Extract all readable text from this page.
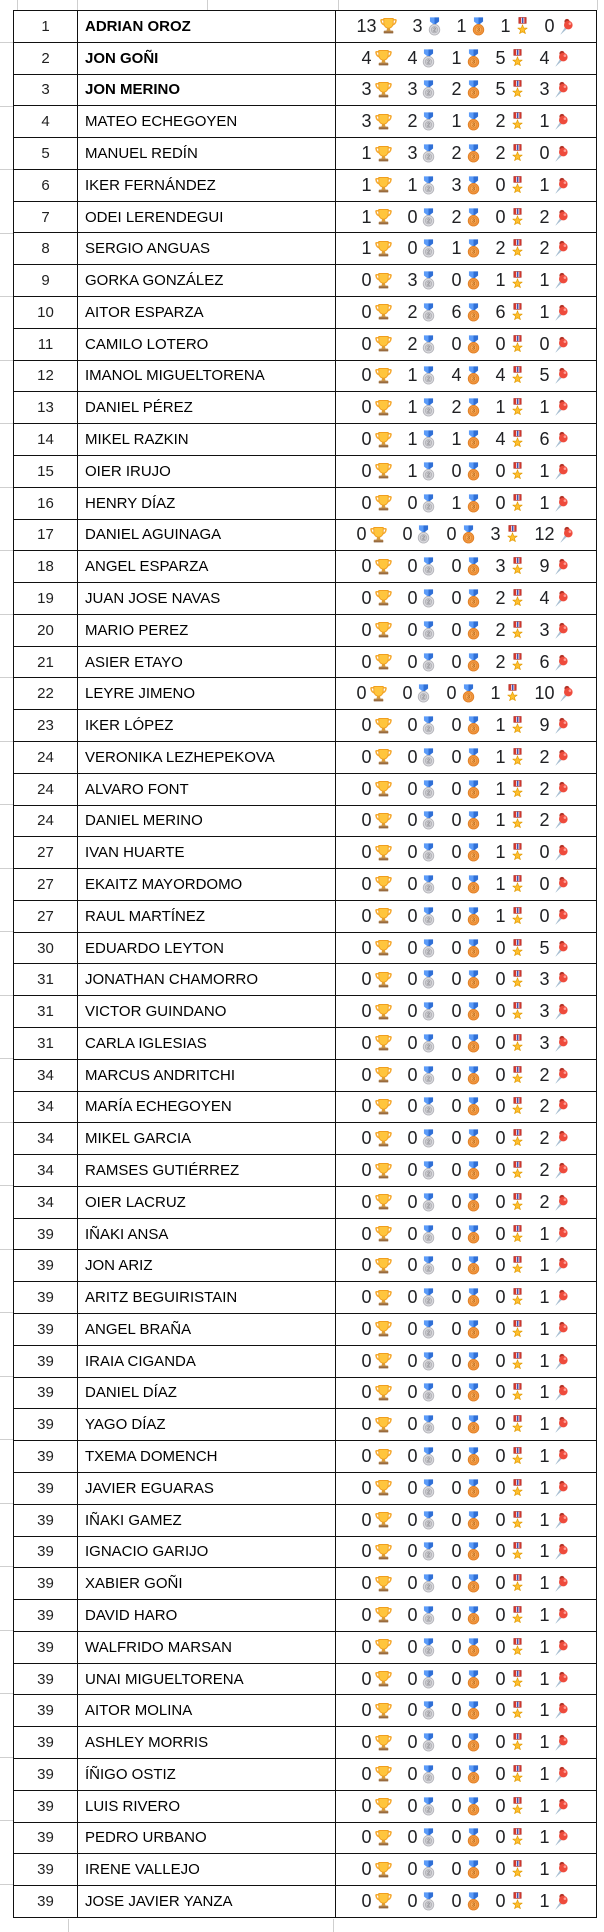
1	ADRIAN OROZ	13 3 1 1 0
2	JON GOÑI	4 4 1 5 4
3	JON MERINO	3 3 2 5 3
4	MATEO ECHEGOYEN	3 2 1 2 1
5	MANUEL REDÍN	1 3 2 2 0
6	IKER FERNÁNDEZ	1 1 3 0 1
7	ODEI LERENDEGUI	1 0 2 0 2
8	SERGIO ANGUAS	1 0 1 2 2
9	GORKA GONZÁLEZ	0 3 0 1 1
10	AITOR ESPARZA	0 2 6 6 1
11	CAMILO LOTERO	0 2 0 0 0
12	IMANOL MIGUELTORENA	0 1 4 4 5
13	DANIEL PÉREZ	0 1 2 1 1
14	MIKEL RAZKIN	0 1 1 4 6
15	OIER IRUJO	0 1 0 0 1
16	HENRY DÍAZ	0 0 1 0 1
17	DANIEL AGUINAGA	0 0 0 3 12
18	ANGEL ESPARZA	0 0 0 3 9
19	JUAN JOSE NAVAS	0 0 0 2 4
20	MARIO PEREZ	0 0 0 2 3
21	ASIER ETAYO	0 0 0 2 6
22	LEYRE JIMENO	0 0 0 1 10
23	IKER LÓPEZ	0 0 0 1 9
24	VERONIKA LEZHEPEKOVA	0 0 0 1 2
24	ALVARO FONT	0 0 0 1 2
24	DANIEL MERINO	0 0 0 1 2
27	IVAN HUARTE	0 0 0 1 0
27	EKAITZ MAYORDOMO	0 0 0 1 0
27	RAUL MARTÍNEZ	0 0 0 1 0
30	EDUARDO LEYTON	0 0 0 0 5
31	JONATHAN CHAMORRO	0 0 0 0 3
31	VICTOR GUINDANO	0 0 0 0 3
31	CARLA IGLESIAS	0 0 0 0 3
34	MARCUS ANDRITCHI	0 0 0 0 2
34	MARÍA ECHEGOYEN	0 0 0 0 2
34	MIKEL GARCIA	0 0 0 0 2
34	RAMSES GUTIÉRREZ	0 0 0 0 2
34	OIER LACRUZ	0 0 0 0 2
39	IÑAKI ANSA	0 0 0 0 1
39	JON ARIZ	0 0 0 0 1
39	ARITZ BEGUIRISTAIN	0 0 0 0 1
39	ANGEL BRAÑA	0 0 0 0 1
39	IRAIA CIGANDA	0 0 0 0 1
39	DANIEL DÍAZ	0 0 0 0 1
39	YAGO DÍAZ	0 0 0 0 1
39	TXEMA DOMENCH	0 0 0 0 1
39	JAVIER EGUARAS	0 0 0 0 1
39	IÑAKI GAMEZ	0 0 0 0 1
39	IGNACIO GARIJO	0 0 0 0 1
39	XABIER GOÑI	0 0 0 0 1
39	DAVID HARO	0 0 0 0 1
39	WALFRIDO MARSAN	0 0 0 0 1
39	UNAI MIGUELTORENA	0 0 0 0 1
39	AITOR MOLINA	0 0 0 0 1
39	ASHLEY MORRIS	0 0 0 0 1
39	ÍÑIGO OSTIZ	0 0 0 0 1
39	LUIS RIVERO	0 0 0 0 1
39	PEDRO URBANO	0 0 0 0 1
39	IRENE VALLEJO	0 0 0 0 1
39	JOSE JAVIER YANZA	0 0 0 0 1
